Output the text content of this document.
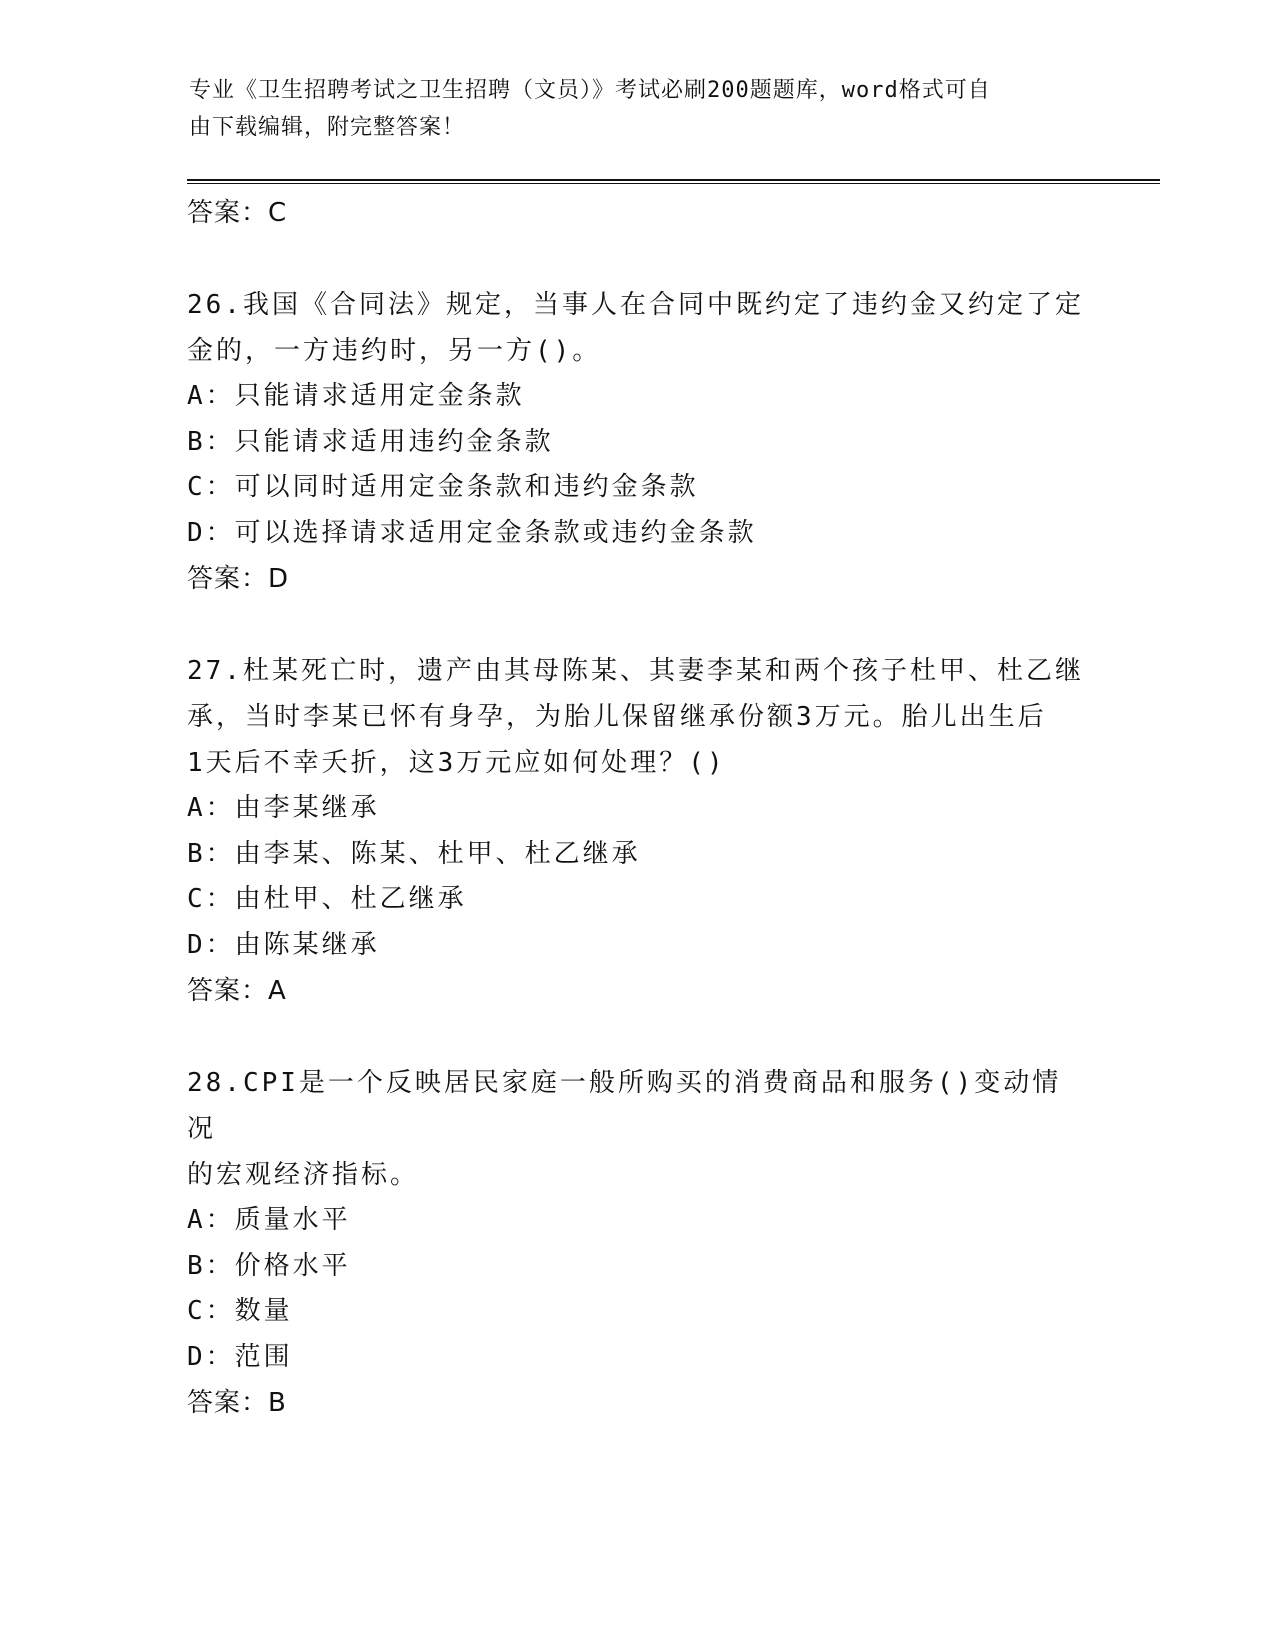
专业《卫生招聘考试之卫生招聘（文员）》考试必刷200题题库，word格式可自
由下载编辑，附完整答案！
答案：C
26.我国《合同法》规定，当事人在合同中既约定了违约金又约定了定
金的，一方违约时，另一方()。
A：只能请求适用定金条款
B：只能请求适用违约金条款
C：可以同时适用定金条款和违约金条款
D：可以选择请求适用定金条款或违约金条款
答案：D
27.杜某死亡时，遗产由其母陈某、其妻李某和两个孩子杜甲、杜乙继
承，当时李某已怀有身孕，为胎儿保留继承份额3万元。胎儿出生后
1天后不幸夭折，这3万元应如何处理？()
A：由李某继承
B：由李某、陈某、杜甲、杜乙继承
C：由杜甲、杜乙继承
D：由陈某继承
答案：A
28.CPI是一个反映居民家庭一般所购买的消费商品和服务()变动情况
的宏观经济指标。
A：质量水平
B：价格水平
C：数量
D：范围
答案：B
